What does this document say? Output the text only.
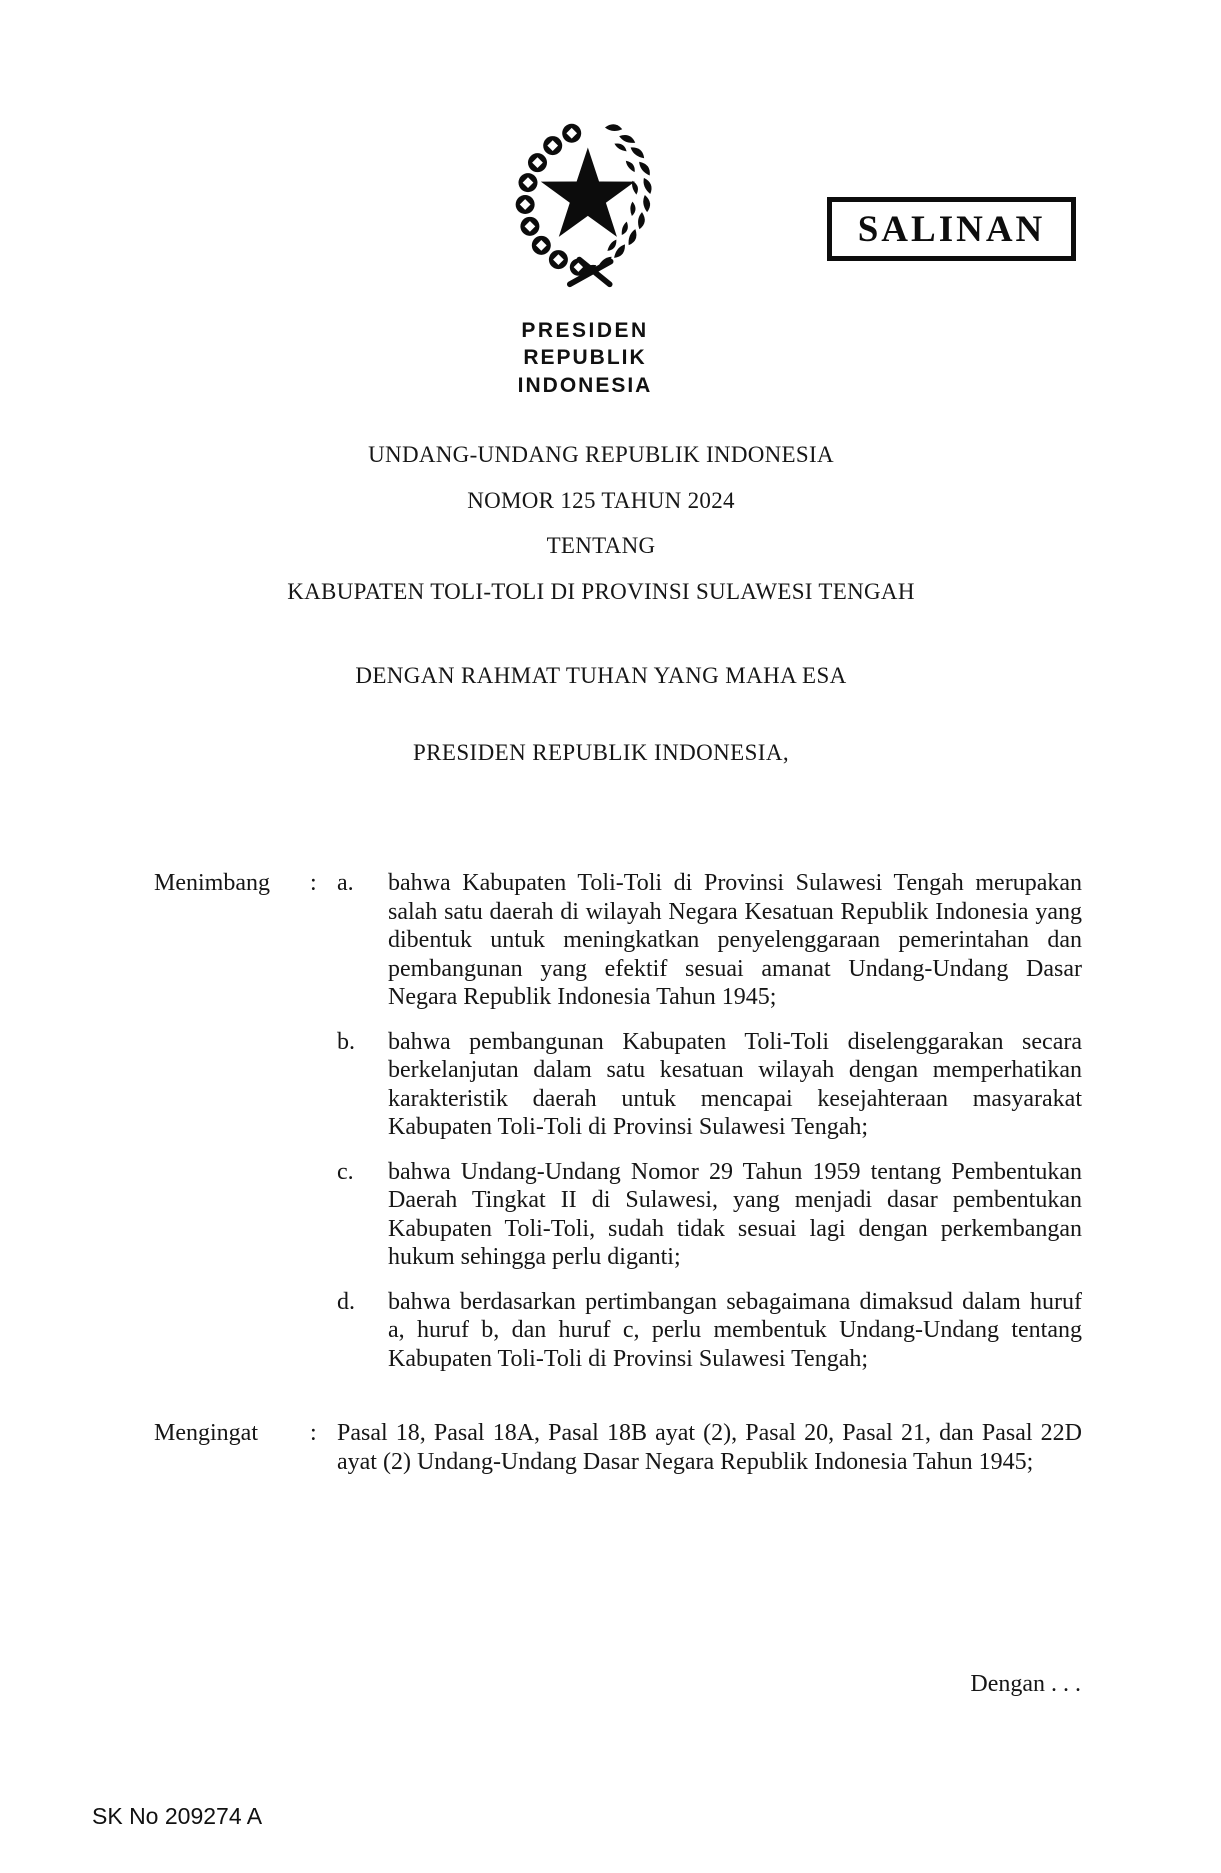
PRESIDEN
REPUBLIK INDONESIA
SALINAN
UNDANG-UNDANG REPUBLIK INDONESIA
NOMOR 125 TAHUN 2024
TENTANG
KABUPATEN TOLI-TOLI DI PROVINSI SULAWESI TENGAH
DENGAN RAHMAT TUHAN YANG MAHA ESA
PRESIDEN REPUBLIK INDONESIA,
Menimbang	: a.	bahwa Kabupaten Toli-Toli di Provinsi Sulawesi Tengah merupakan salah satu daerah di wilayah Negara Kesatuan Republik Indonesia yang dibentuk untuk meningkatkan penyelenggaraan pemerintahan dan pembangunan yang efektif sesuai amanat Undang-Undang Dasar Negara Republik Indonesia Tahun 1945;

b.	bahwa pembangunan Kabupaten Toli-Toli diselenggarakan secara berkelanjutan dalam satu kesatuan wilayah dengan memperhatikan karakteristik daerah untuk mencapai kesejahteraan masyarakat Kabupaten Toli-Toli di Provinsi Sulawesi Tengah;

c.	bahwa Undang-Undang Nomor 29 Tahun 1959 tentang Pembentukan Daerah Tingkat II di Sulawesi, yang menjadi dasar pembentukan Kabupaten Toli-Toli, sudah tidak sesuai lagi dengan perkembangan hukum sehingga perlu diganti;

d.	bahwa berdasarkan pertimbangan sebagaimana dimaksud dalam huruf a, huruf b, dan huruf c, perlu membentuk Undang-Undang tentang Kabupaten Toli-Toli di Provinsi Sulawesi Tengah;

Mengingat	: Pasal 18, Pasal 18A, Pasal 18B ayat (2), Pasal 20, Pasal 21, dan Pasal 22D ayat (2) Undang-Undang Dasar Negara Republik Indonesia Tahun 1945;

Dengan . . .
SK No 209274 A
